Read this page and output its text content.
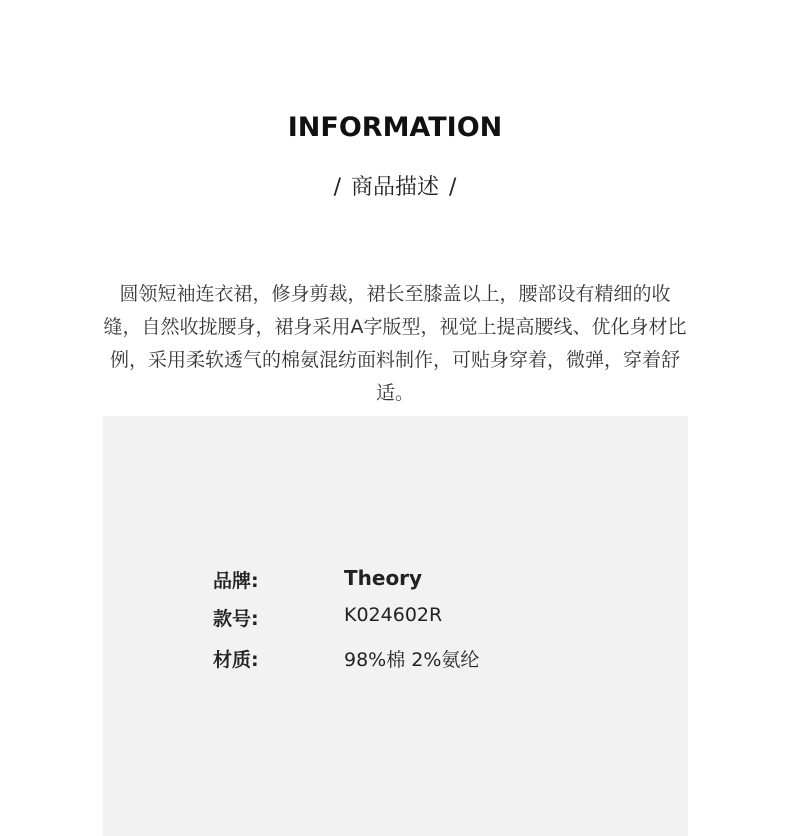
INFORMATION
/ 商品描述 /
圆领短袖连衣裙，修身剪裁，裙长至膝盖以上，腰部设有精细的收缝，自然收拢腰身，裙身采用A字版型，视觉上提高腰线、优化身材比例，采用柔软透气的棉氨混纺面料制作，可贴身穿着，微弹，穿着舒适。
品牌:	Theory
款号:	K024602R
材质:	98%棉 2%氨纶
